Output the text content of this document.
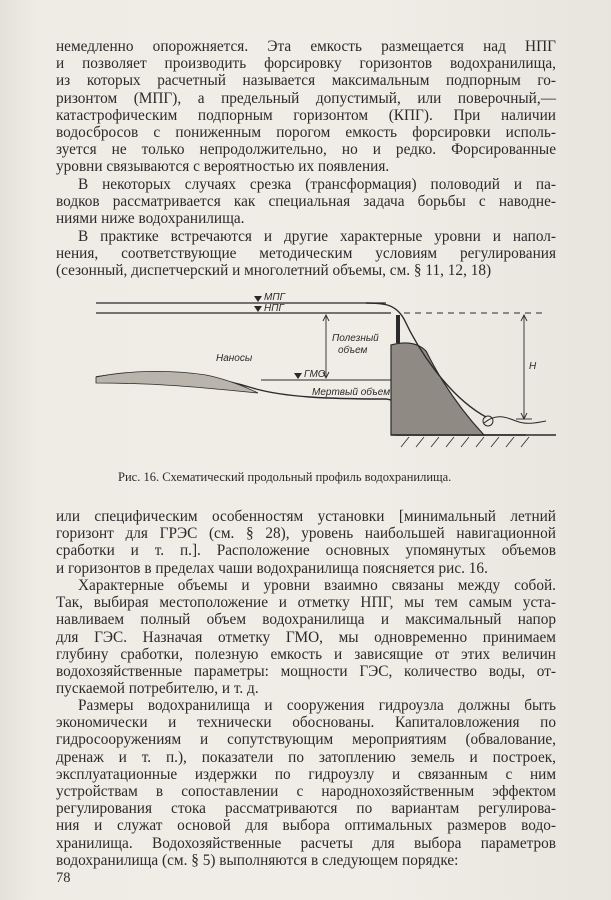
немедленно опорожняется. Эта емкость размещается над НПГ
и позволяет производить форсировку горизонтов водохранилища,
из которых расчетный называется максимальным подпорным го-
ризонтом (МПГ), а предельный допустимый, или поверочный,—
катастрофическим подпорным горизонтом (КПГ). При наличии
водосбросов с пониженным порогом емкость форсировки исполь-
зуется не только непродолжительно, но и редко. Форсированные
уровни связываются с вероятностью их появления.

В некоторых случаях срезка (трансформация) половодий и па-
водков рассматривается как специальная задача борьбы с наводне-
ниями ниже водохранилища.

В практике встречаются и другие характерные уровни и напол-
нения, соответствующие методическим условиям регулирования
(сезонный, диспетчерский и многолетний объемы, см. § 11, 12, 18)

МПГ
НПГ
Полезный
объем
Наносы
ГМО
Мертвый объем
H
Рис. 16. Схематический продольный профиль водохранилища.

или специфическим особенностям установки [минимальный летний
горизонт для ГРЭС (см. § 28), уровень наибольшей навигационной
сработки и т. п.]. Расположение основных упомянутых объемов
и горизонтов в пределах чаши водохранилища поясняется рис. 16.

Характерные объемы и уровни взаимно связаны между собой.
Так, выбирая местоположение и отметку НПГ, мы тем самым уста-
навливаем полный объем водохранилища и максимальный напор
для ГЭС. Назначая отметку ГМО, мы одновременно принимаем
глубину сработки, полезную емкость и зависящие от этих величин
водохозяйственные параметры: мощности ГЭС, количество воды, от-
пускаемой потребителю, и т. д.

Размеры водохранилища и сооружения гидроузла должны быть
экономически и технически обоснованы. Капиталовложения по
гидросооружениям и сопутствующим мероприятиям (обвалование,
дренаж и т. п.), показатели по затоплению земель и построек,
эксплуатационные издержки по гидроузлу и связанным с ним
устройствам в сопоставлении с народнохозяйственным эффектом
регулирования стока рассматриваются по вариантам регулирова-
ния и служат основой для выбора оптимальных размеров водо-
хранилища. Водохозяйственные расчеты для выбора параметров
водохранилища (см. § 5) выполняются в следующем порядке:

78
